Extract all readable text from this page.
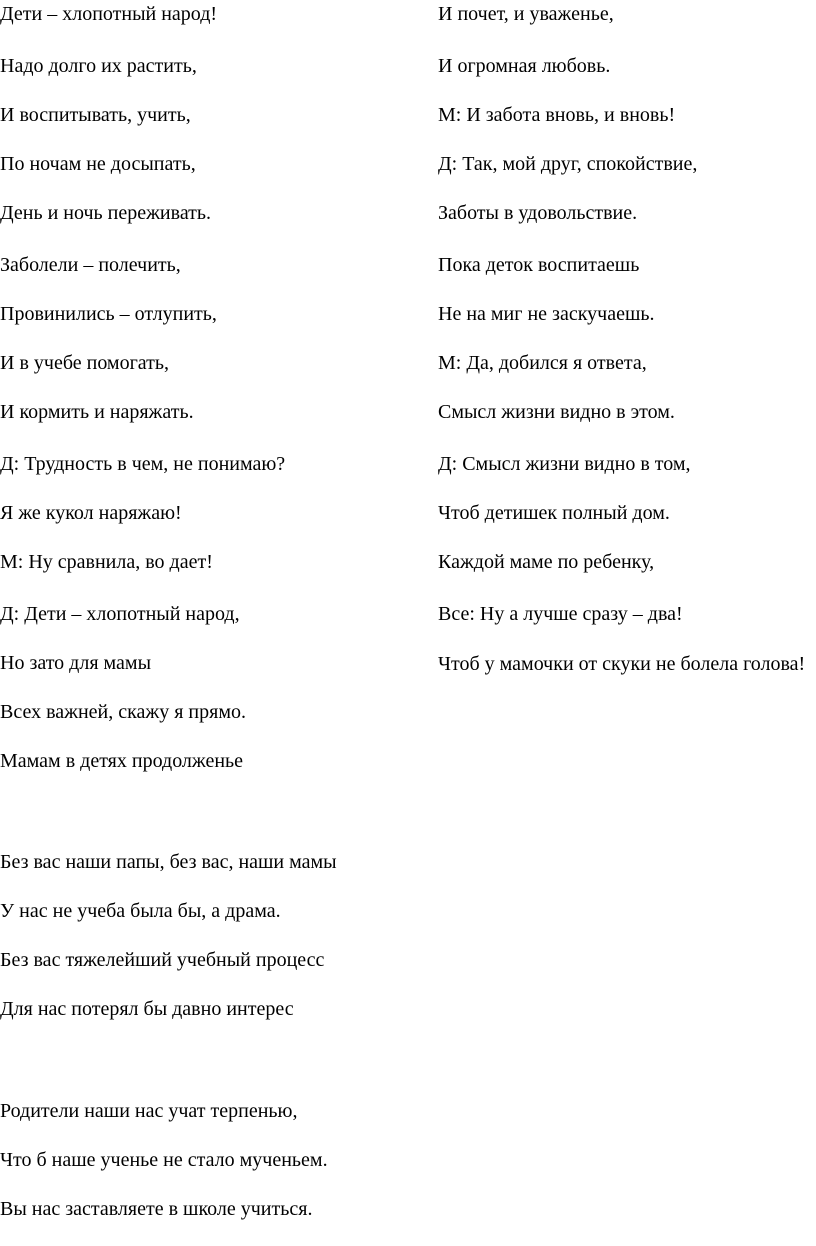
Дети – хлопотный народ!
Надо долго их растить,
И воспитывать, учить,
По ночам не досыпать,
День и ночь переживать.
Заболели – полечить,
Провинились – отлупить,
И в учебе помогать,
И кормить и наряжать.
Д: Трудность в чем, не понимаю?
Я же кукол наряжаю!
М: Ну сравнила, во дает!
Д: Дети – хлопотный народ,
Но зато для мамы
Всех важней, скажу я прямо.
Мамам в детях продолженье
И почет, и уваженье,
И огромная любовь.
М: И забота вновь, и вновь!
Д: Так, мой друг, спокойствие,
Заботы в удовольствие.
Пока деток воспитаешь
Не на миг не заскучаешь.
М: Да, добился я ответа,
Смысл жизни видно в этом.
Д: Смысл жизни видно в том,
Чтоб детишек полный дом.
Каждой маме по ребенку,
Все: Ну а лучше сразу – два!
Чтоб у мамочки от скуки не болела голова!
Без вас наши папы, без вас, наши мамы
У нас не учеба была бы, а драма.
Без вас тяжелейший учебный процесс
Для нас потерял бы давно интерес
Родители наши нас учат терпенью,
Что б наше ученье не стало мученьем.
Вы нас заставляете в школе учиться.
